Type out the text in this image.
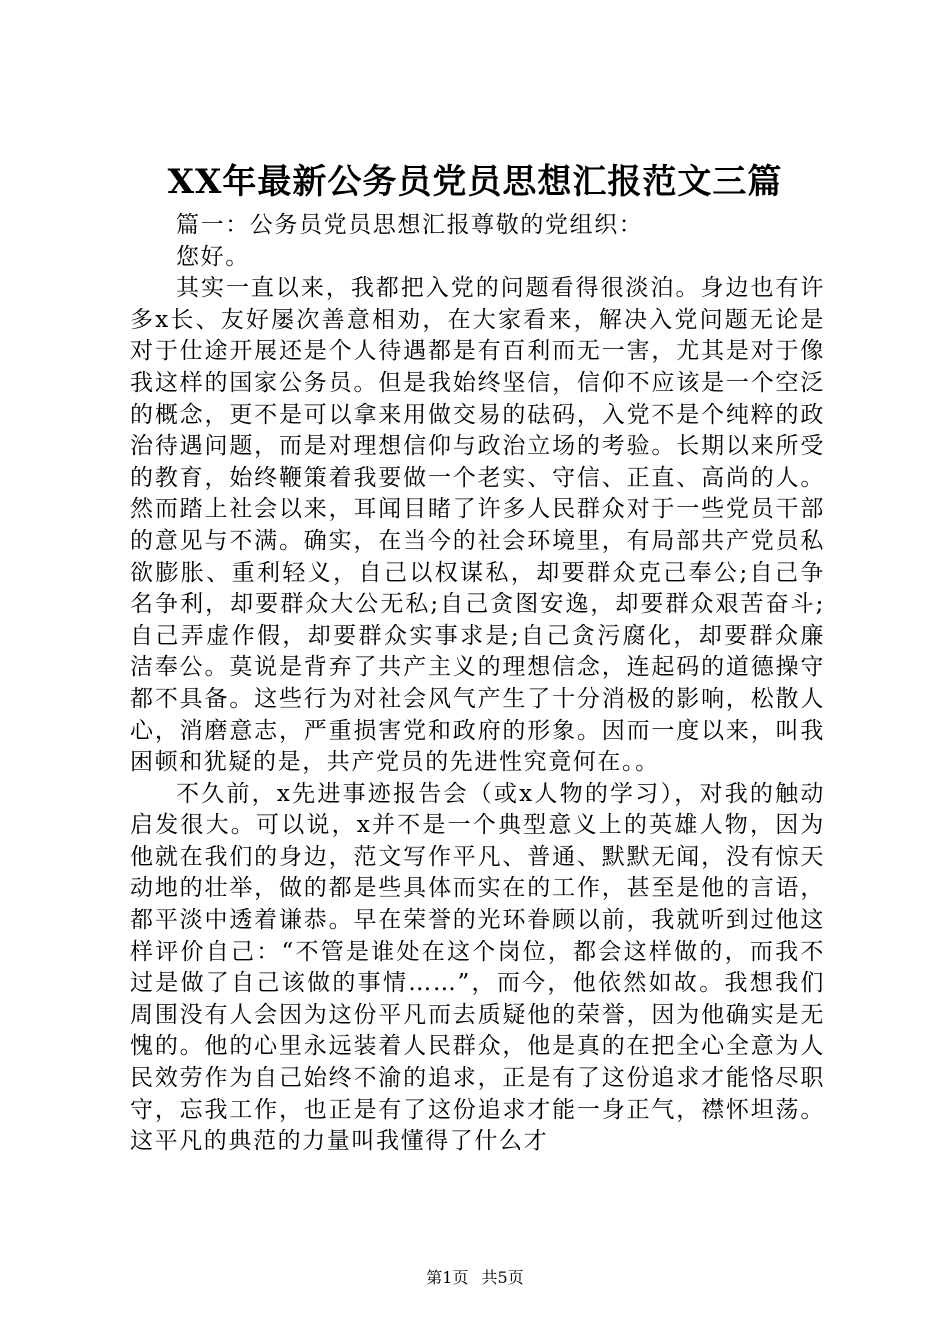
XX年最新公务员党员思想汇报范文三篇

篇一：公务员党员思想汇报尊敬的党组织：

您好。

其实一直以来，我都把入党的问题看得很淡泊。身边也有许多x长、友好屡次善意相劝，在大家看来，解决入党问题无论是对于仕途开展还是个人待遇都是有百利而无一害，尤其是对于像我这样的国家公务员。但是我始终坚信，信仰不应该是一个空泛的概念，更不是可以拿来用做交易的砝码，入党不是个纯粹的政治待遇问题，而是对理想信仰与政治立场的考验。长期以来所受的教育，始终鞭策着我要做一个老实、守信、正直、高尚的人。然而踏上社会以来，耳闻目睹了许多人民群众对于一些党员干部的意见与不满。确实，在当今的社会环境里，有局部共产党员私欲膨胀、重利轻义，自己以权谋私，却要群众克己奉公;自己争名争利，却要群众大公无私;自己贪图安逸，却要群众艰苦奋斗;自己弄虚作假，却要群众实事求是;自己贪污腐化，却要群众廉洁奉公。莫说是背弃了共产主义的理想信念，连起码的道德操守都不具备。这些行为对社会风气产生了十分消极的影响，松散人心，消磨意志，严重损害党和政府的形象。因而一度以来，叫我困顿和犹疑的是，共产党员的先进性究竟何在。。

不久前，x先进事迹报告会（或x人物的学习），对我的触动启发很大。可以说，x并不是一个典型意义上的英雄人物，因为他就在我们的身边，范文写作平凡、普通、默默无闻，没有惊天动地的壮举，做的都是些具体而实在的工作，甚至是他的言语，都平淡中透着谦恭。早在荣誉的光环眷顾以前，我就听到过他这样评价自己：“不管是谁处在这个岗位，都会这样做的，而我不过是做了自己该做的事情……”，而今，他依然如故。我想我们周围没有人会因为这份平凡而去质疑他的荣誉，因为他确实是无愧的。他的心里永远装着人民群众，他是真的在把全心全意为人民效劳作为自己始终不渝的追求，正是有了这份追求才能恪尽职守，忘我工作，也正是有了这份追求才能一身正气，襟怀坦荡。这平凡的典范的力量叫我懂得了什么才

第1页 共5页
